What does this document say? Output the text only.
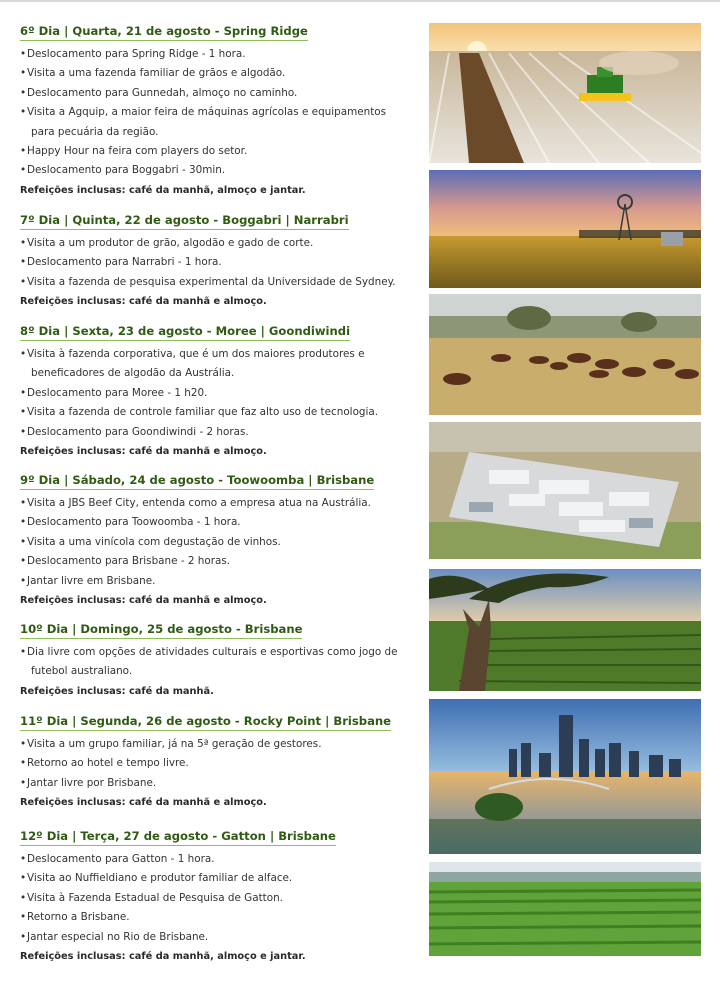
6º Dia | Quarta, 21 de agosto - Spring Ridge
• Deslocamento para Spring Ridge - 1 hora.
• Visita a uma fazenda familiar de grãos e algodão.
• Deslocamento para Gunnedah, almoço no caminho.
• Visita a Agquip, a maior feira de máquinas agrícolas e equipamentos
para pecuária da região.
• Happy Hour na feira com players do setor.
• Deslocamento para Boggabri - 30min.
Refeições inclusas: café da manhã, almoço e jantar.
7º Dia | Quinta, 22 de agosto - Boggabri | Narrabri
• Visita a um produtor de grão, algodão e gado de corte.
• Deslocamento para Narrabri - 1 hora.
• Visita a fazenda de pesquisa experimental da Universidade de Sydney.
Refeições inclusas: café da manhã e almoço.
8º Dia | Sexta, 23 de agosto - Moree | Goondiwindi
• Visita à fazenda corporativa, que é um dos maiores produtores e
beneficadores de algodão da Austrália.
• Deslocamento para Moree - 1 h20.
• Visita a fazenda de controle familiar que faz alto uso de tecnologia.
• Deslocamento para Goondiwindi - 2 horas.
Refeições inclusas: café da manhã e almoço.
9º Dia | Sábado, 24 de agosto - Toowoomba | Brisbane
• Visita a JBS Beef City, entenda como a empresa atua na Austrália.
• Deslocamento para Toowoomba - 1 hora.
• Visita a uma vinícola com degustação de vinhos.
• Deslocamento para Brisbane - 2 horas.
• Jantar livre em Brisbane.
Refeições inclusas: café da manhã e almoço.
10º Dia | Domingo, 25 de agosto - Brisbane
• Dia livre com opções de atividades culturais e esportivas como jogo de
futebol australiano.
Refeições inclusas: café da manhã.
11º Dia | Segunda, 26 de agosto - Rocky Point | Brisbane
• Visita a um grupo familiar, já na 5ª geração de gestores.
• Retorno ao hotel e tempo livre.
• Jantar livre por Brisbane.
Refeições inclusas: café da manhã e almoço.
12º Dia | Terça, 27 de agosto - Gatton | Brisbane
• Deslocamento para Gatton - 1 hora.
• Visita ao Nuffieldiano e produtor familiar de alface.
• Visita à Fazenda Estadual de Pesquisa de Gatton.
• Retorno a Brisbane.
• Jantar especial no Rio de Brisbane.
Refeições inclusas: café da manhã, almoço e jantar.
